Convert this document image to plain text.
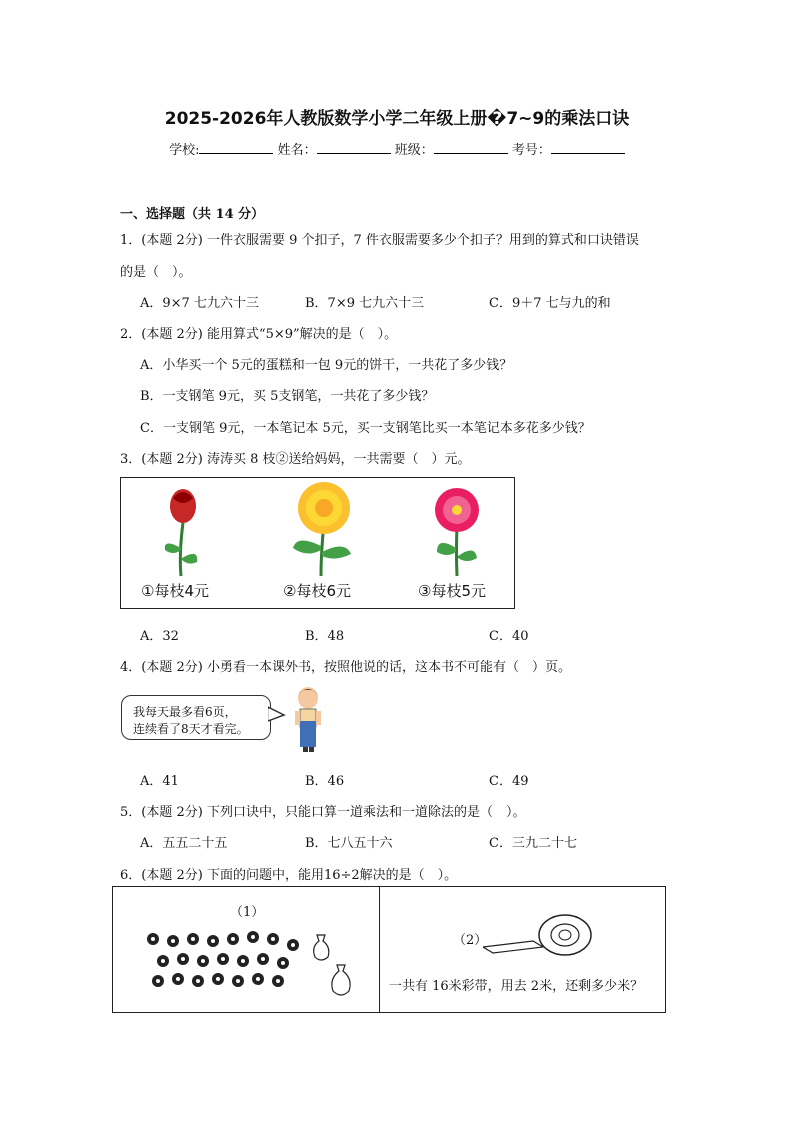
2025-2026年人教版数学小学二年级上册�7~9的乘法口诀
学校:	姓名：	班级：	考号：
一、选择题（共 14 分）
1．(本题 2分) 一件衣服需要 9 个扣子，7 件衣服需要多少个扣子？用到的算式和口诀错误
的是（　）。
A．9×7 七九六十三	B．7×9 七九六十三	C．9＋7 七与九的和
2．(本题 2分) 能用算式“5×9”解决的是（　）。
A．小华买一个 5元的蛋糕和一包 9元的饼干，一共花了多少钱？
B．一支钢笔 9元，买 5支钢笔，一共花了多少钱？
C．一支钢笔 9元，一本笔记本 5元，买一支钢笔比买一本笔记本多花多少钱？
3．(本题 2分) 涛涛买 8 枝②送给妈妈，一共需要（　）元。
①每枝4元	②每枝6元	③每枝5元
A．32	B．48	C．40
4．(本题 2分) 小勇看一本课外书，按照他说的话，这本书不可能有（　）页。
我每天最多看6页，
连续看了8天才看完。
A．41	B．46	C．49
5．(本题 2分) 下列口诀中，只能口算一道乘法和一道除法的是（　）。
A．五五二十五	B．七八五十六	C．三九二十七
6．(本题 2分) 下面的问题中，能用16÷2解决的是（　）。
（1）
（2）
一共有 16米彩带，用去 2米，还剩多少米？
